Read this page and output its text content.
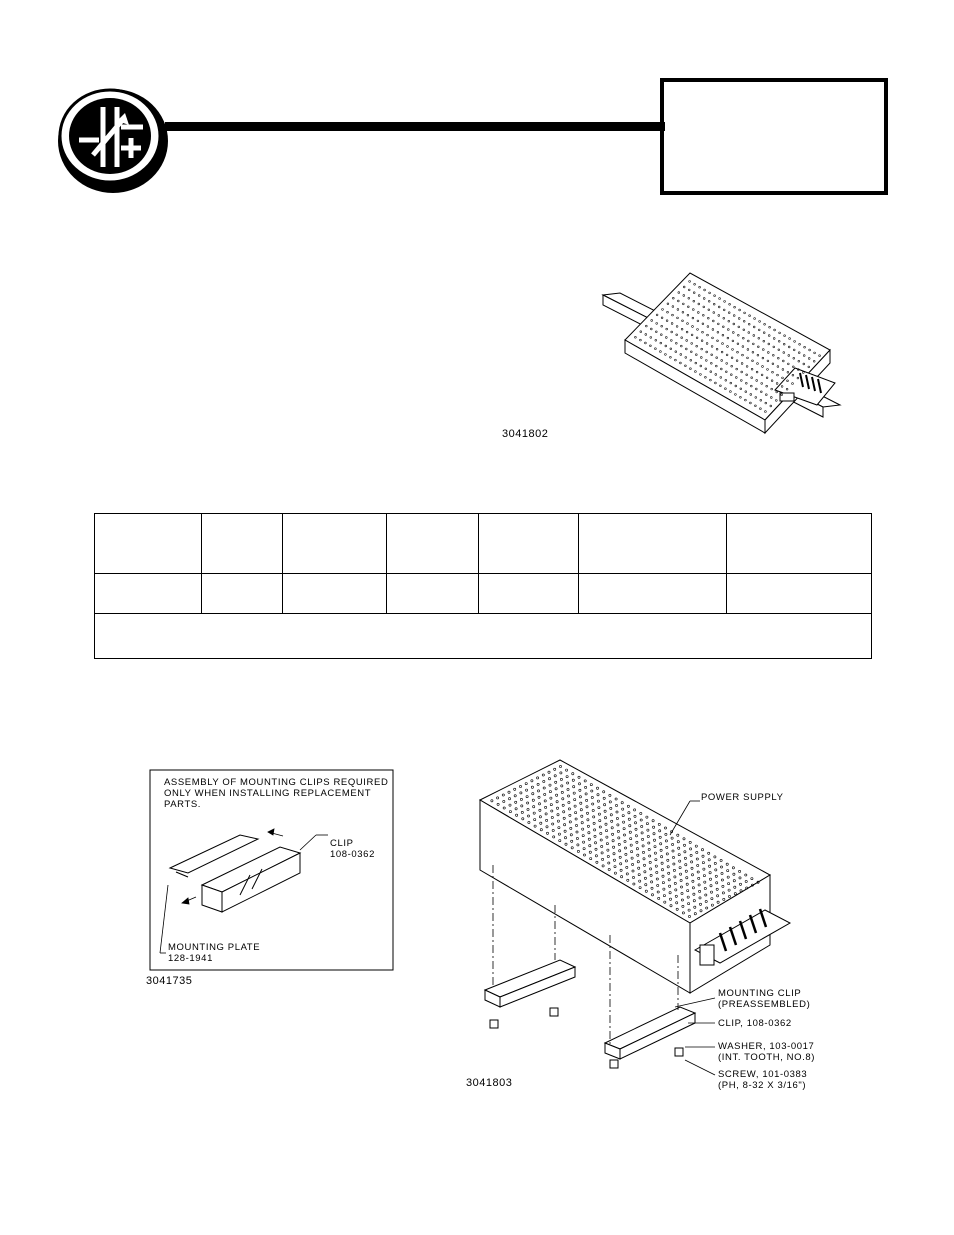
3041802

ASSEMBLY OF MOUNTING CLIPS REQUIRED
ONLY WHEN INSTALLING REPLACEMENT
PARTS.
CLIP
108-0362
MOUNTING PLATE
128-1941
3041735
POWER SUPPLY
MOUNTING CLIP
(PREASSEMBLED)
CLIP, 108-0362
WASHER, 103-0017
(INT. TOOTH, NO.8)
SCREW, 101-0383
(PH, 8-32 X 3/16")
3041803
